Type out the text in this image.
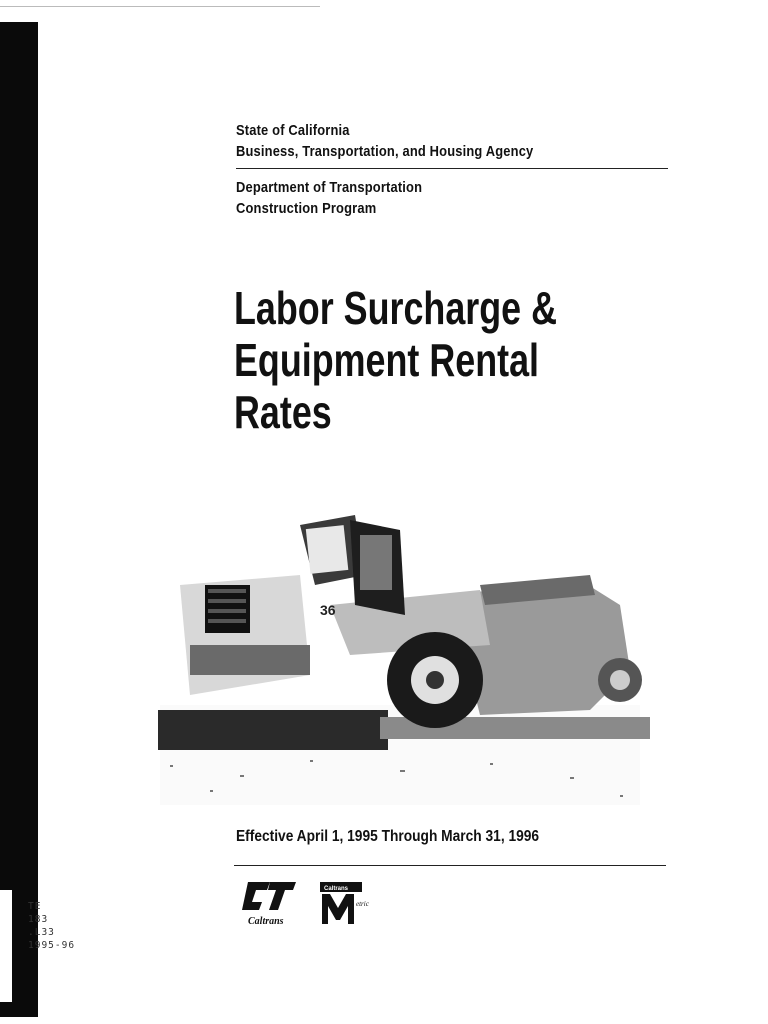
State of California
Business, Transportation, and Housing Agency
Department of Transportation
Construction Program
Labor Surcharge &
Equipment Rental
Rates
36
Effective April 1, 1995 Through March 31, 1996
Caltrans
Caltrans
etric
TE
183
.L33
1995-96
